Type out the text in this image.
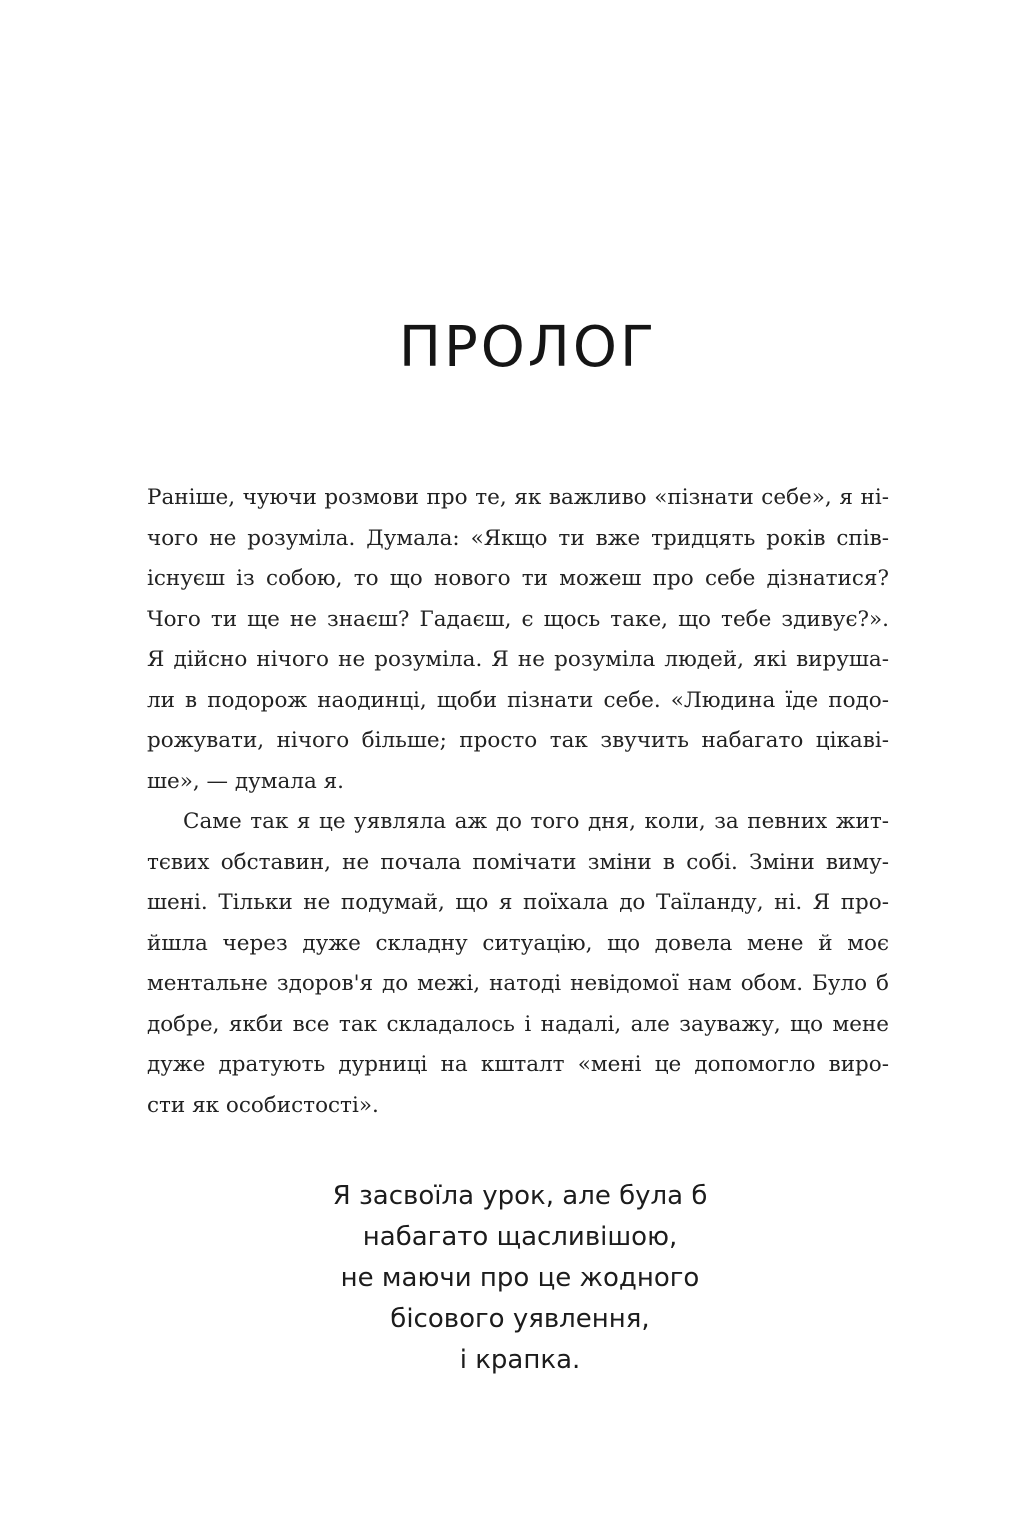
ПРОЛОГ
Раніше, чуючи розмови про те, як важливо «пізнати себе», я ні-
чого не розуміла. Думала: «Якщо ти вже тридцять років спів-
існуєш із собою, то що нового ти можеш про себе дізнатися?
Чого ти ще не знаєш? Гадаєш, є щось таке, що тебе здивує?».
Я дійсно нічого не розуміла. Я не розуміла людей, які вируша-
ли в подорож наодинці, щоби пізнати себе. «Людина їде подо-
рожувати, нічого більше; просто так звучить набагато цікаві-
ше», — думала я.
Саме так я це уявляла аж до того дня, коли, за певних жит-
тєвих обставин, не почала помічати зміни в собі. Зміни виму-
шені. Тільки не подумай, що я поїхала до Таїланду, ні. Я про-
йшла через дуже складну ситуацію, що довела мене й моє
ментальне здоров'я до межі, натоді невідомої нам обом. Було б
добре, якби все так складалось і надалі, але зауважу, що мене
дуже дратують дурниці на кшталт «мені це допомогло виро-
сти як особистості».
Я засвоїла урок, але була б
набагато щасливішою,
не маючи про це жодного
бісового уявлення,
і крапка.
